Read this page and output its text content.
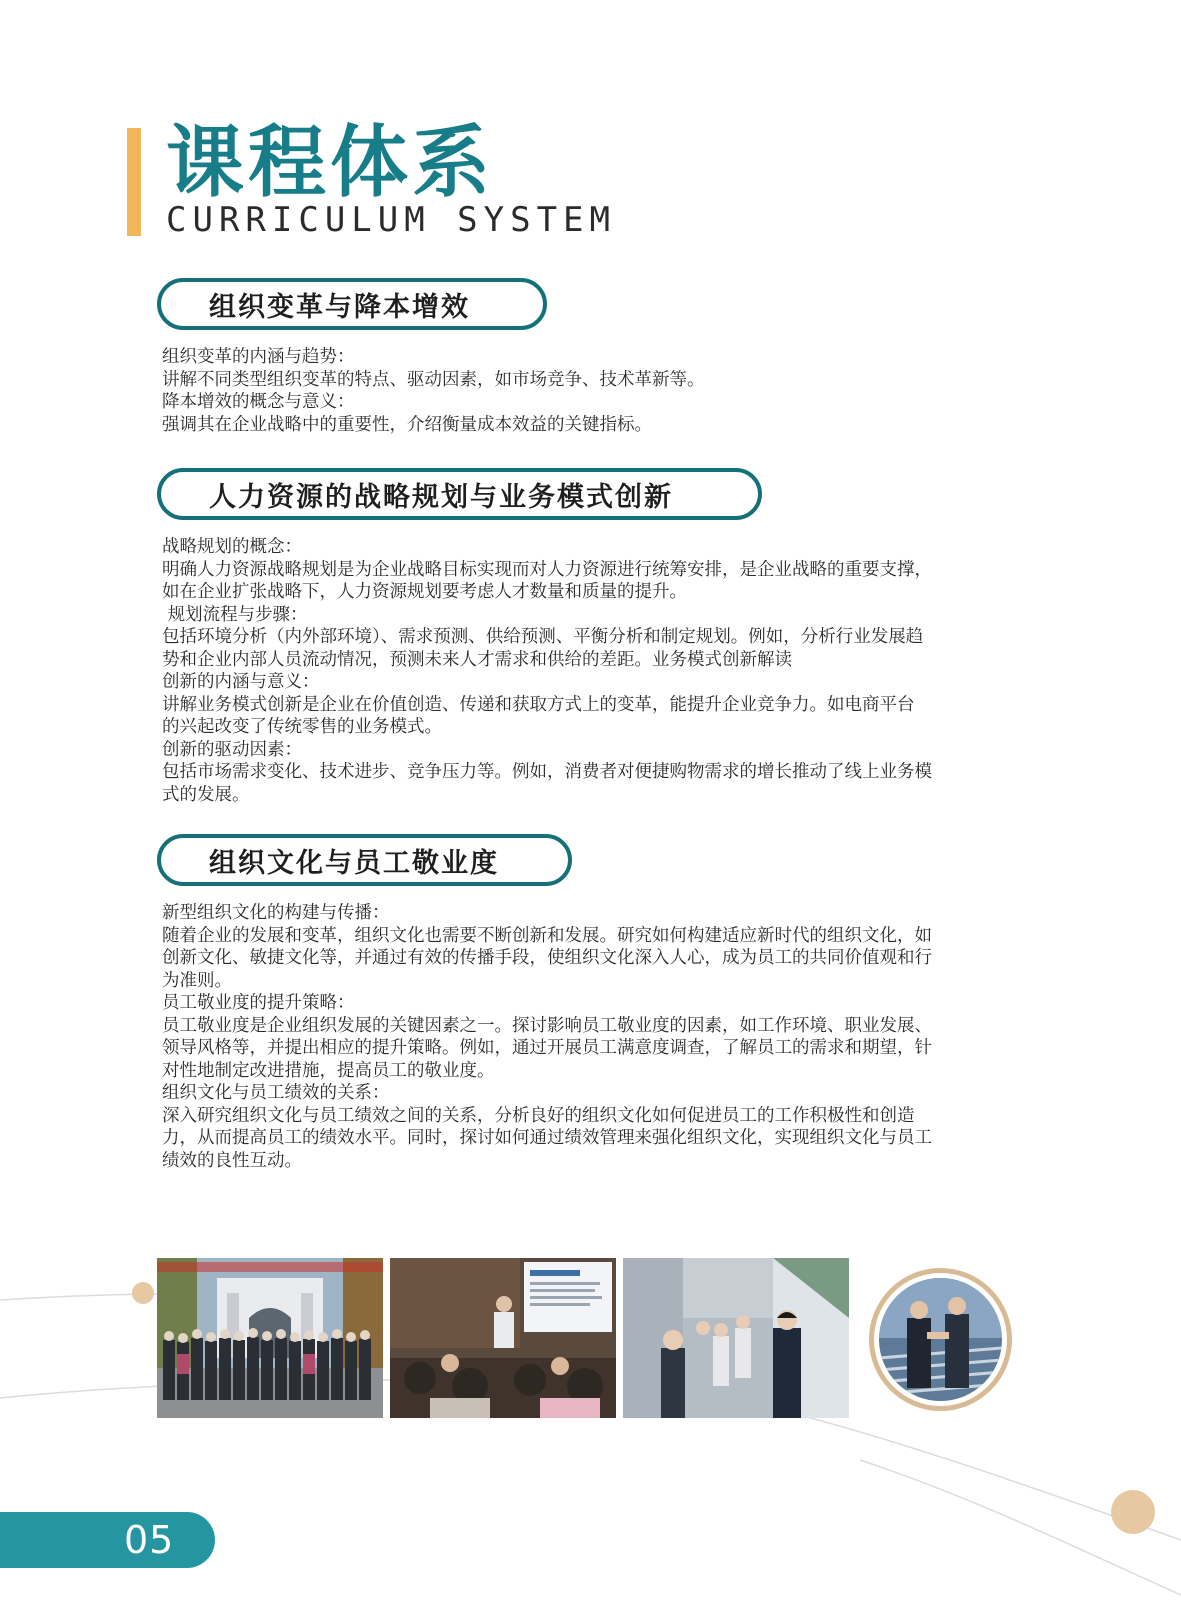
课程体系
CURRICULUM SYSTEM
组织变革与降本增效

组织变革的内涵与趋势：

讲解不同类型组织变革的特点、驱动因素，如市场竞争、技术革新等。

降本增效的概念与意义：

强调其在企业战略中的重要性，介绍衡量成本效益的关键指标。

人力资源的战略规划与业务模式创新

战略规划的概念：

明确人力资源战略规划是为企业战略目标实现而对人力资源进行统筹安排，是企业战略的重要支撑，

如在企业扩张战略下，人力资源规划要考虑人才数量和质量的提升。

规划流程与步骤：

包括环境分析（内外部环境）、需求预测、供给预测、平衡分析和制定规划。例如，分析行业发展趋

势和企业内部人员流动情况，预测未来人才需求和供给的差距。业务模式创新解读

创新的内涵与意义：

讲解业务模式创新是企业在价值创造、传递和获取方式上的变革，能提升企业竞争力。如电商平台

的兴起改变了传统零售的业务模式。

创新的驱动因素：

包括市场需求变化、技术进步、竞争压力等。例如，消费者对便捷购物需求的增长推动了线上业务模

式的发展。

组织文化与员工敬业度

新型组织文化的构建与传播：

随着企业的发展和变革，组织文化也需要不断创新和发展。研究如何构建适应新时代的组织文化，如

创新文化、敏捷文化等，并通过有效的传播手段，使组织文化深入人心，成为员工的共同价值观和行

为准则。

员工敬业度的提升策略：

员工敬业度是企业组织发展的关键因素之一。探讨影响员工敬业度的因素，如工作环境、职业发展、

领导风格等，并提出相应的提升策略。例如，通过开展员工满意度调查，了解员工的需求和期望，针

对性地制定改进措施，提高员工的敬业度。

组织文化与员工绩效的关系：

深入研究组织文化与员工绩效之间的关系，分析良好的组织文化如何促进员工的工作积极性和创造

力，从而提高员工的绩效水平。同时，探讨如何通过绩效管理来强化组织文化，实现组织文化与员工

绩效的良性互动。

05
